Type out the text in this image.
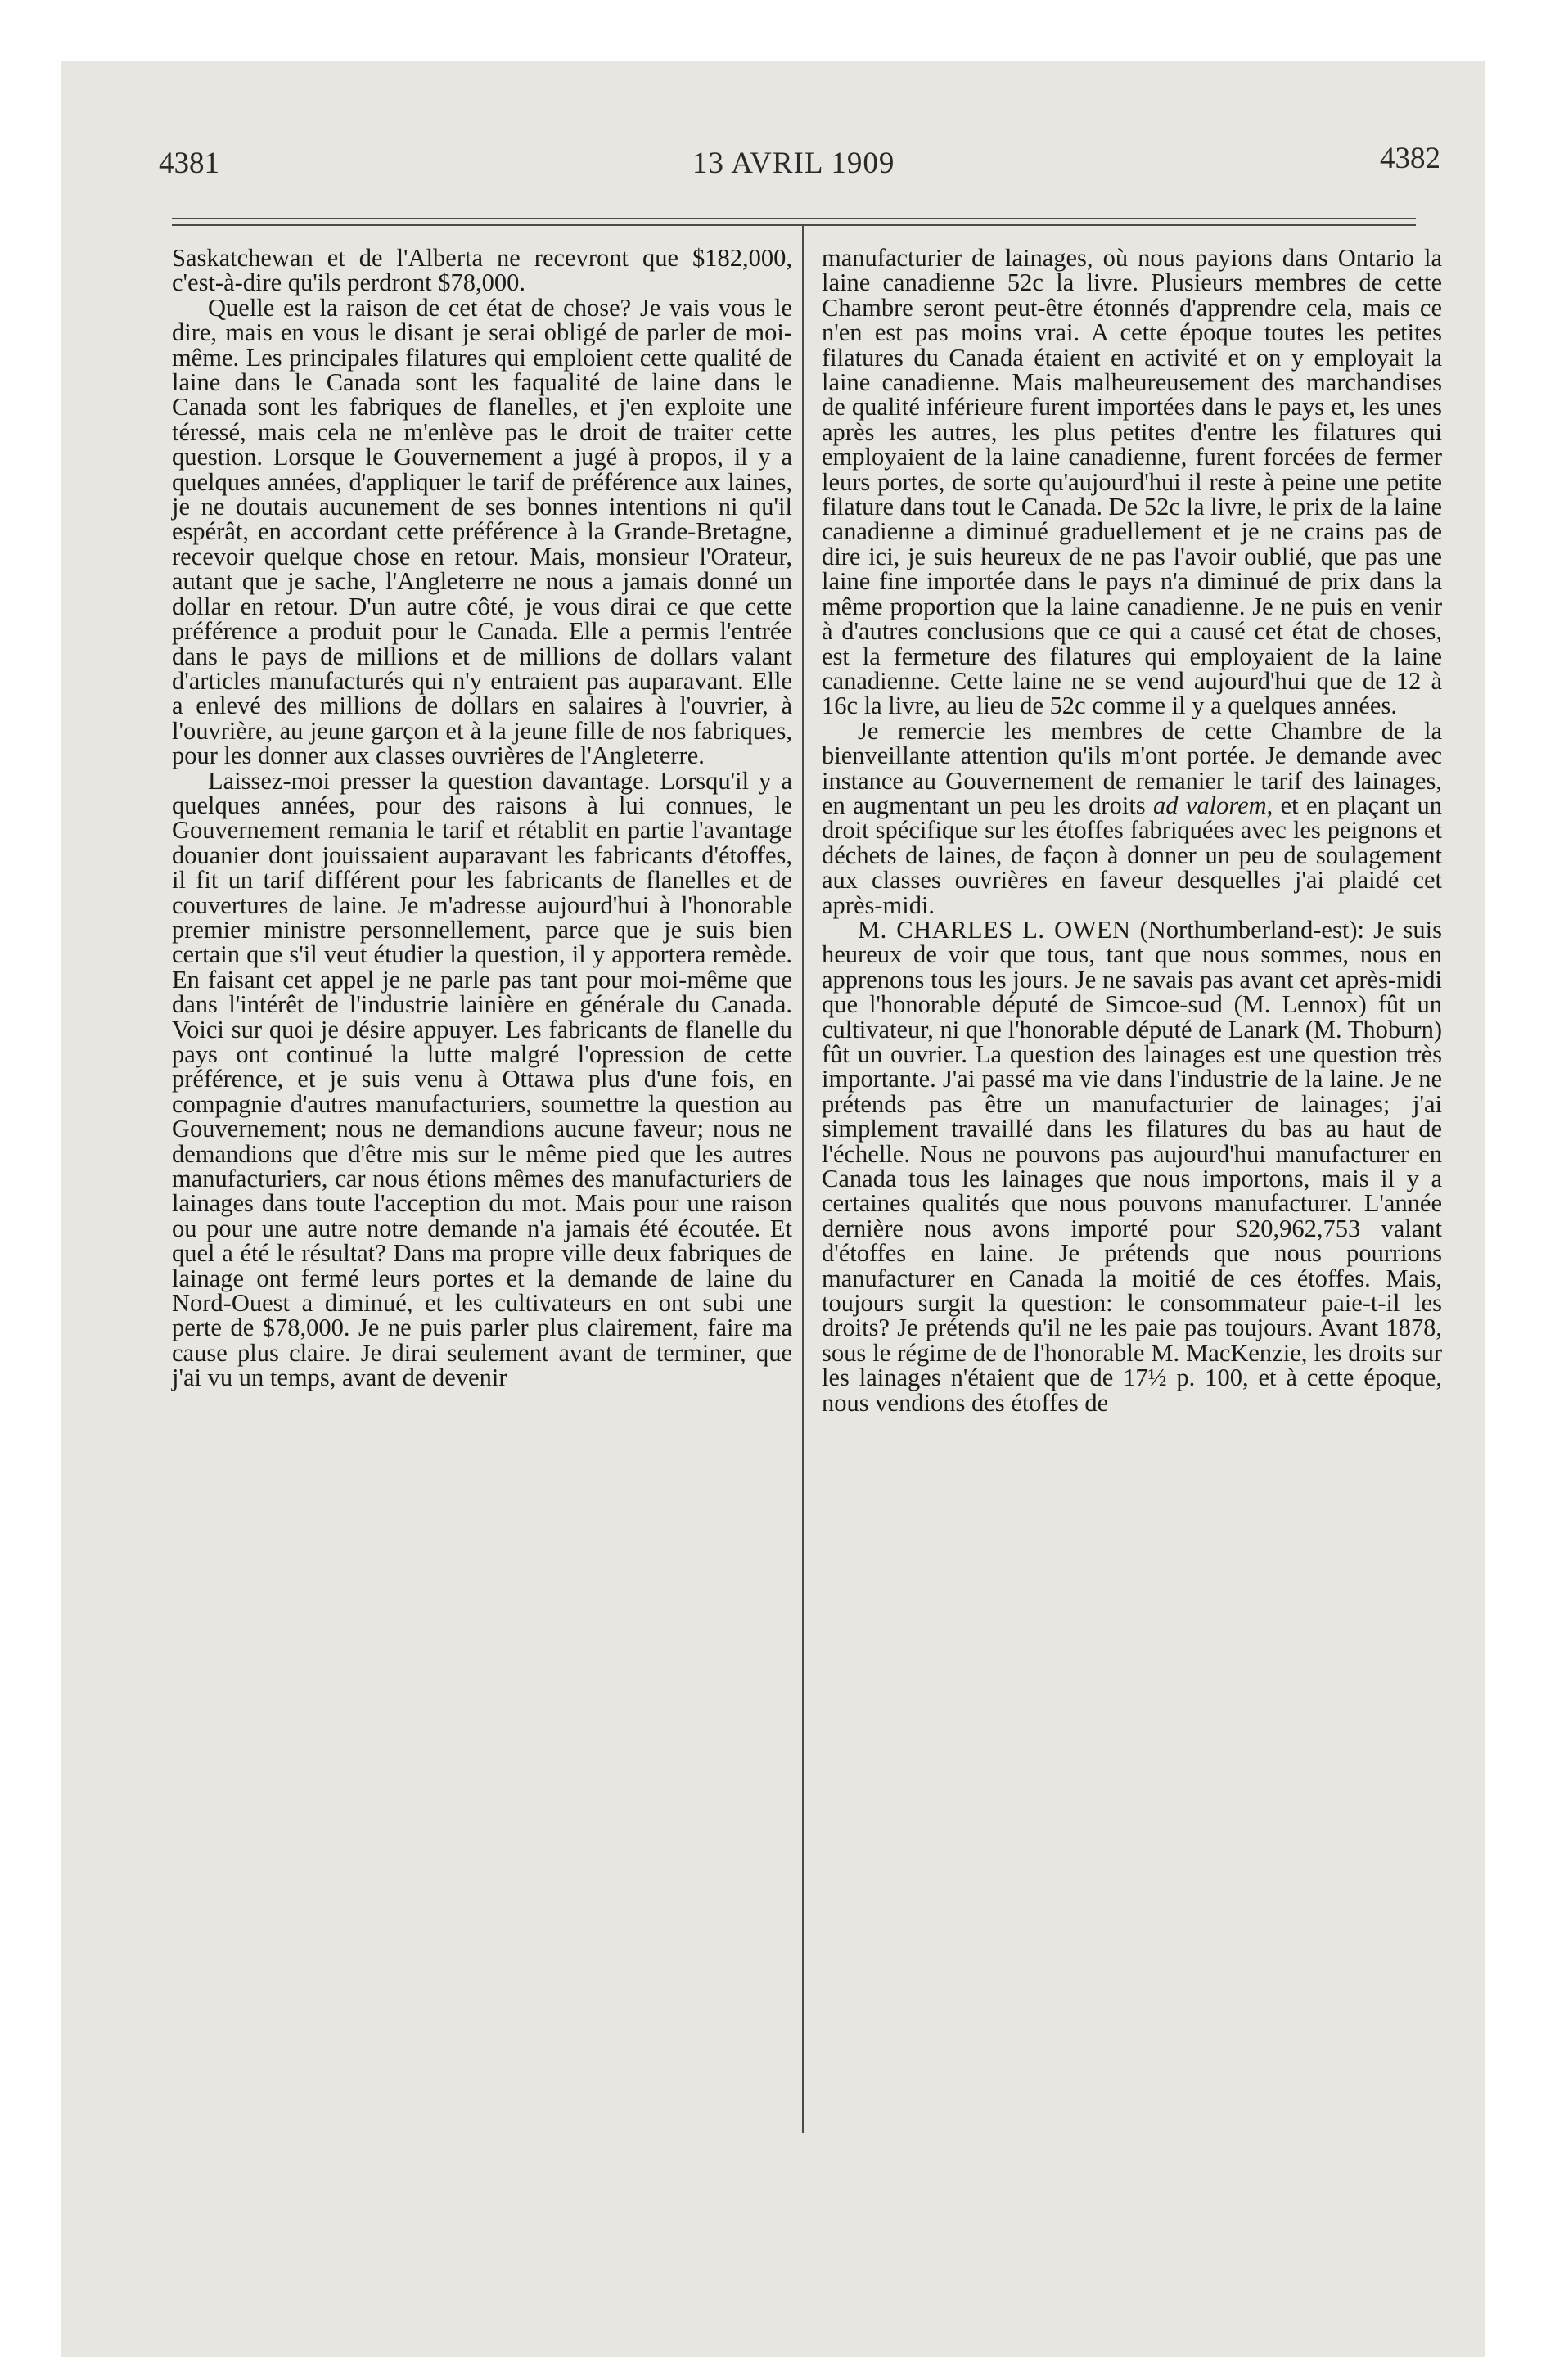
4381	13 AVRIL 1909	4382

Saskatchewan et de l'Alberta ne recevront que $182,000, c'est-à-dire qu'ils perdront $78,000.

Quelle est la raison de cet état de chose? Je vais vous le dire, mais en vous le disant je serai obligé de parler de moi-même. Les principales filatures qui emploient cette qualité de laine dans le Canada sont les faqualité de laine dans le Canada sont les fabriques de flanelles, et j'en exploite une téressé, mais cela ne m'enlève pas le droit de traiter cette question. Lorsque le Gouvernement a jugé à propos, il y a quelques années, d'appliquer le tarif de préférence aux laines, je ne doutais aucunement de ses bonnes intentions ni qu'il espérât, en accordant cette préférence à la Grande-Bretagne, recevoir quelque chose en retour. Mais, monsieur l'Orateur, autant que je sache, l'Angleterre ne nous a jamais donné un dollar en retour. D'un autre côté, je vous dirai ce que cette préférence a produit pour le Canada. Elle a permis l'entrée dans le pays de millions et de millions de dollars valant d'articles manufacturés qui n'y entraient pas auparavant. Elle a enlevé des millions de dollars en salaires à l'ouvrier, à l'ouvrière, au jeune garçon et à la jeune fille de nos fabriques, pour les donner aux classes ouvrières de l'Angleterre.

Laissez-moi presser la question davantage. Lorsqu'il y a quelques années, pour des raisons à lui connues, le Gouvernement remania le tarif et rétablit en partie l'avantage douanier dont jouissaient auparavant les fabricants d'étoffes, il fit un tarif différent pour les fabricants de flanelles et de couvertures de laine. Je m'adresse aujourd'hui à l'honorable premier ministre personnellement, parce que je suis bien certain que s'il veut étudier la question, il y apportera remède. En faisant cet appel je ne parle pas tant pour moi-même que dans l'intérêt de l'industrie lainière en générale du Canada. Voici sur quoi je désire appuyer. Les fabricants de flanelle du pays ont continué la lutte malgré l'opression de cette préférence, et je suis venu à Ottawa plus d'une fois, en compagnie d'autres manufacturiers, soumettre la question au Gouvernement; nous ne demandions aucune faveur; nous ne demandions que d'être mis sur le même pied que les autres manufacturiers, car nous étions mêmes des manufacturiers de lainages dans toute l'acception du mot. Mais pour une raison ou pour une autre notre demande n'a jamais été écoutée. Et quel a été le résultat? Dans ma propre ville deux fabriques de lainage ont fermé leurs portes et la demande de laine du Nord-Ouest a diminué, et les cultivateurs en ont subi une perte de $78,000. Je ne puis parler plus clairement, faire ma cause plus claire. Je dirai seulement avant de terminer, que j'ai vu un temps, avant de devenir

manufacturier de lainages, où nous payions dans Ontario la laine canadienne 52c la livre. Plusieurs membres de cette Chambre seront peut-être étonnés d'apprendre cela, mais ce n'en est pas moins vrai. A cette époque toutes les petites filatures du Canada étaient en activité et on y employait la laine canadienne. Mais malheureusement des marchandises de qualité inférieure furent importées dans le pays et, les unes après les autres, les plus petites d'entre les filatures qui employaient de la laine canadienne, furent forcées de fermer leurs portes, de sorte qu'aujourd'hui il reste à peine une petite filature dans tout le Canada. De 52c la livre, le prix de la laine canadienne a diminué graduellement et je ne crains pas de dire ici, je suis heureux de ne pas l'avoir oublié, que pas une laine fine importée dans le pays n'a diminué de prix dans la même proportion que la laine canadienne. Je ne puis en venir à d'autres conclusions que ce qui a causé cet état de choses, est la fermeture des filatures qui employaient de la laine canadienne. Cette laine ne se vend aujourd'hui que de 12 à 16c la livre, au lieu de 52c comme il y a quelques années.

Je remercie les membres de cette Chambre de la bienveillante attention qu'ils m'ont portée. Je demande avec instance au Gouvernement de remanier le tarif des lainages, en augmentant un peu les droits ad valorem, et en plaçant un droit spécifique sur les étoffes fabriquées avec les peignons et déchets de laines, de façon à donner un peu de soulagement aux classes ouvrières en faveur desquelles j'ai plaidé cet après-midi.

M. CHARLES L. OWEN (Northumberland-est): Je suis heureux de voir que tous, tant que nous sommes, nous en apprenons tous les jours. Je ne savais pas avant cet après-midi que l'honorable député de Simcoe-sud (M. Lennox) fût un cultivateur, ni que l'honorable député de Lanark (M. Thoburn) fût un ouvrier. La question des lainages est une question très importante. J'ai passé ma vie dans l'industrie de la laine. Je ne prétends pas être un manufacturier de lainages; j'ai simplement travaillé dans les filatures du bas au haut de l'échelle. Nous ne pouvons pas aujourd'hui manufacturer en Canada tous les lainages que nous importons, mais il y a certaines qualités que nous pouvons manufacturer. L'année dernière nous avons importé pour $20,962,753 valant d'étoffes en laine. Je prétends que nous pourrions manufacturer en Canada la moitié de ces étoffes. Mais, toujours surgit la question: le consommateur paie-t-il les droits? Je prétends qu'il ne les paie pas toujours. Avant 1878, sous le régime de de l'honorable M. MacKenzie, les droits sur les lainages n'étaient que de 17½ p. 100, et à cette époque, nous vendions des étoffes de
